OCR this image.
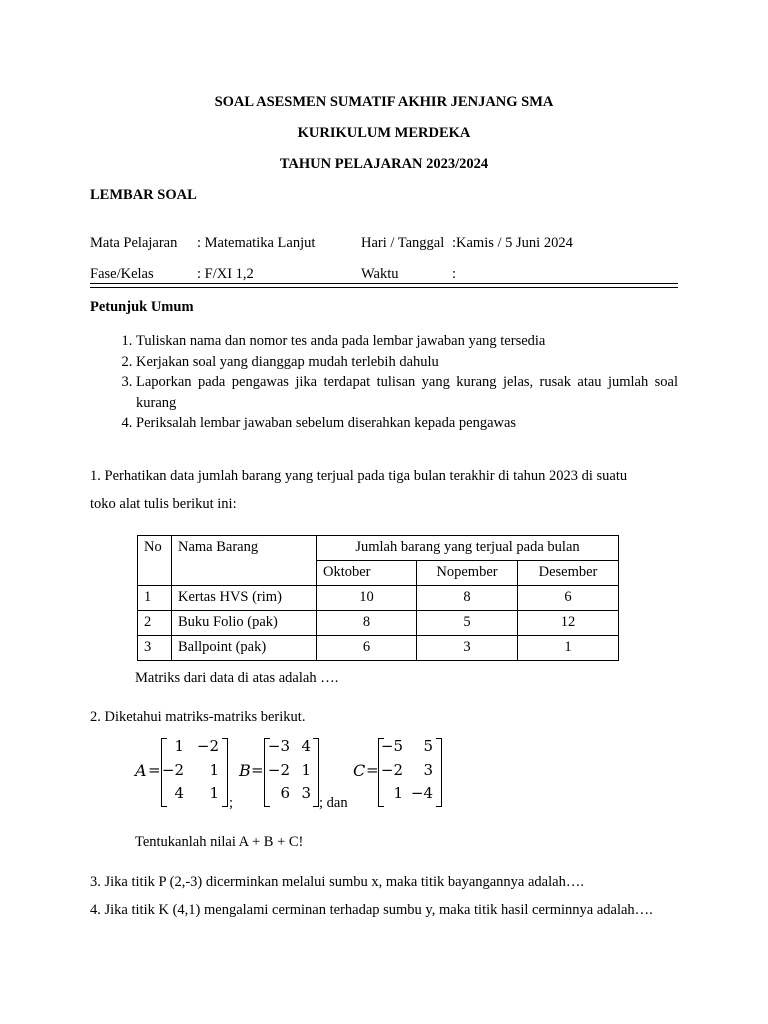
SOAL ASESMEN SUMATIF AKHIR JENJANG SMA
KURIKULUM MERDEKA
TAHUN PELAJARAN 2023/2024
LEMBAR SOAL
Mata Pelajaran : Matematika Lanjut	Hari / Tanggal :Kamis / 5 Juni 2024
Fase/Kelas	: F/XI 1,2	Waktu	:
Petunjuk Umum
1. Tuliskan nama dan nomor tes anda pada lembar jawaban yang tersedia
2. Kerjakan soal yang dianggap mudah terlebih dahulu
3. Laporkan pada pengawas jika terdapat tulisan yang kurang jelas, rusak atau jumlah soal kurang
4. Periksalah lembar jawaban sebelum diserahkan kepada pengawas
1. Perhatikan data jumlah barang yang terjual pada tiga bulan terakhir di tahun 2023 di suatu
toko alat tulis berikut ini:
No	Nama Barang	Jumlah barang yang terjual pada bulan		
		Oktober	Nopember	Desember
1	Kertas HVS (rim)	10	8	6
2	Buku Folio (pak)	8	5	12
3	Ballpoint (pak)	6	3	1
Matriks dari data di atas adalah ….
2. Diketahui matriks-matriks berikut.
A =
1 −2
−2	1
4	1
;
B =
−3 4
−2 1
6 3
; dan
C =
−5	5
−2	3
1 −4
Tentukanlah nilai A + B + C!
3. Jika titik P (2,-3) dicerminkan melalui sumbu x, maka titik bayangannya adalah….
4. Jika titik K (4,1) mengalami cerminan terhadap sumbu y, maka titik hasil cerminnya adalah….
